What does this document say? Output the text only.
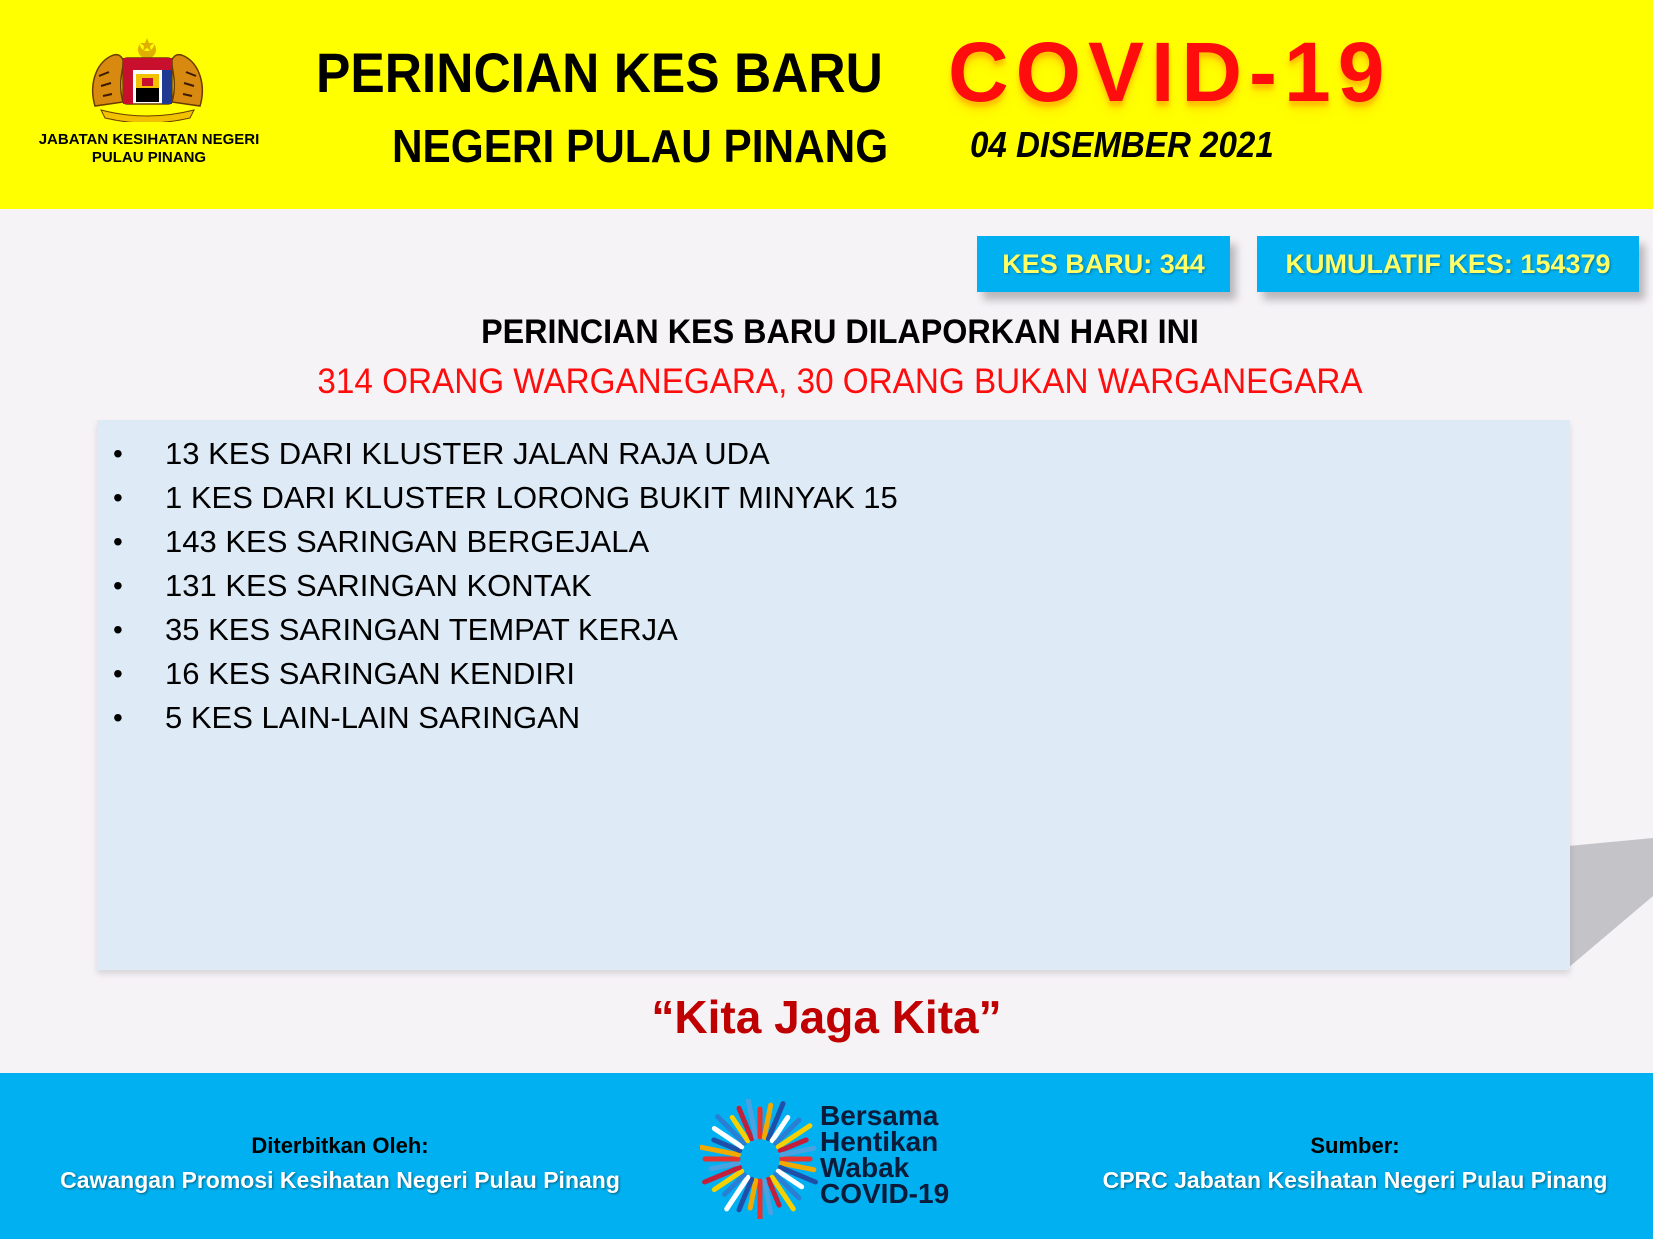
JABATAN KESIHATAN NEGERI
PULAU PINANG
PERINCIAN KES BARU COVID-19
NEGERI PULAU PINANG 04 DISEMBER 2021
KES BARU: 344	KUMULATIF KES: 154379
PERINCIAN KES BARU DILAPORKAN HARI INI
314 ORANG WARGANEGARA, 30 ORANG BUKAN WARGANEGARA
• 13 KES DARI KLUSTER JALAN RAJA UDA
• 1 KES DARI KLUSTER LORONG BUKIT MINYAK 15
• 143 KES SARINGAN BERGEJALA
• 131 KES SARINGAN KONTAK
• 35 KES SARINGAN TEMPAT KERJA
• 16 KES SARINGAN KENDIRI
• 5 KES LAIN-LAIN SARINGAN
“Kita Jaga Kita”
Diterbitkan Oleh:
Cawangan Promosi Kesihatan Negeri Pulau Pinang
Bersama
Hentikan
Wabak
COVID-19
Sumber:
CPRC Jabatan Kesihatan Negeri Pulau Pinang
